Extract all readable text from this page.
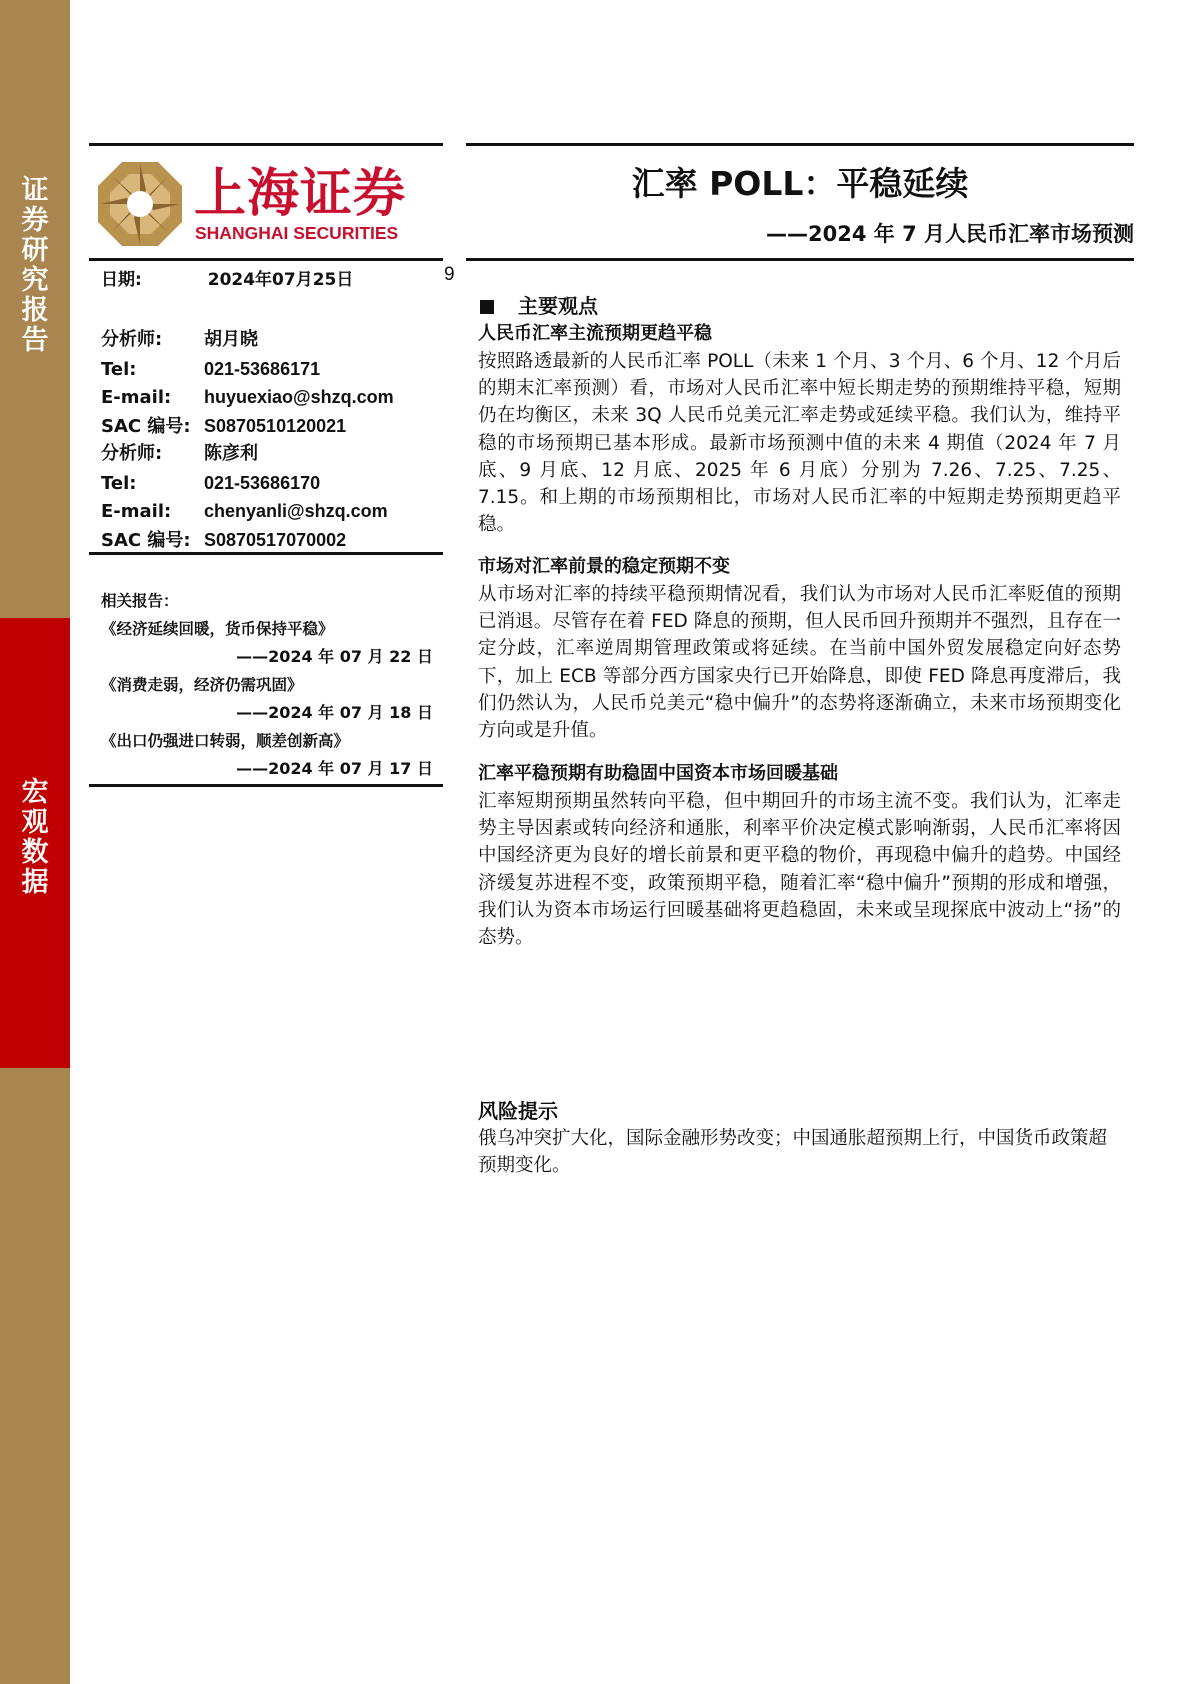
证
券
研
究
报
告
宏
观
数
据
上海证券
SHANGHAI SECURITIES
汇率 POLL：平稳延续
——2024 年 7 月人民币汇率市场预测
日期:	2024年07月25日	9
分析师: 胡月晓
Tel:	021-53686171
E-mail: huyuexiao@shzq.com
SAC 编号: S0870510120021
分析师: 陈彦利
Tel:	021-53686170
E-mail: chenyanli@shzq.com
SAC 编号: S0870517070002
相关报告：
《经济延续回暖，货币保持平稳》
——2024 年 07 月 22 日
《消费走弱，经济仍需巩固》
——2024 年 07 月 18 日
《出口仍强进口转弱，顺差创新高》
——2024 年 07 月 17 日
主要观点
人民币汇率主流预期更趋平稳
按照路透最新的人民币汇率 POLL（未来 1 个月、3 个月、6 个月、12 个月后的期末汇率预测）看，市场对人民币汇率中短长期走势的预期维持平稳，短期仍在均衡区，未来 3Q 人民币兑美元汇率走势或延续平稳。我们认为，维持平稳的市场预期已基本形成。最新市场预测中值的未来 4 期值（2024 年 7 月底、9 月底、12 月底、2025 年 6 月底）分别为 7.26、7.25、7.25、7.15。和上期的市场预期相比，市场对人民币汇率的中短期走势预期更趋平稳。
市场对汇率前景的稳定预期不变
从市场对汇率的持续平稳预期情况看，我们认为市场对人民币汇率贬值的预期已消退。尽管存在着 FED 降息的预期，但人民币回升预期并不强烈，且存在一定分歧，汇率逆周期管理政策或将延续。在当前中国外贸发展稳定向好态势下，加上 ECB 等部分西方国家央行已开始降息，即使 FED 降息再度滞后，我们仍然认为，人民币兑美元“稳中偏升”的态势将逐渐确立，未来市场预期变化方向或是升值。
汇率平稳预期有助稳固中国资本市场回暖基础
汇率短期预期虽然转向平稳，但中期回升的市场主流不变。我们认为，汇率走势主导因素或转向经济和通胀，利率平价决定模式影响渐弱，人民币汇率将因中国经济更为良好的增长前景和更平稳的物价，再现稳中偏升的趋势。中国经济缓复苏进程不变，政策预期平稳，随着汇率“稳中偏升”预期的形成和增强，我们认为资本市场运行回暖基础将更趋稳固，未来或呈现探底中波动上“扬”的态势。
风险提示
俄乌冲突扩大化，国际金融形势改变；中国通胀超预期上行，中国货币政策超预期变化。
